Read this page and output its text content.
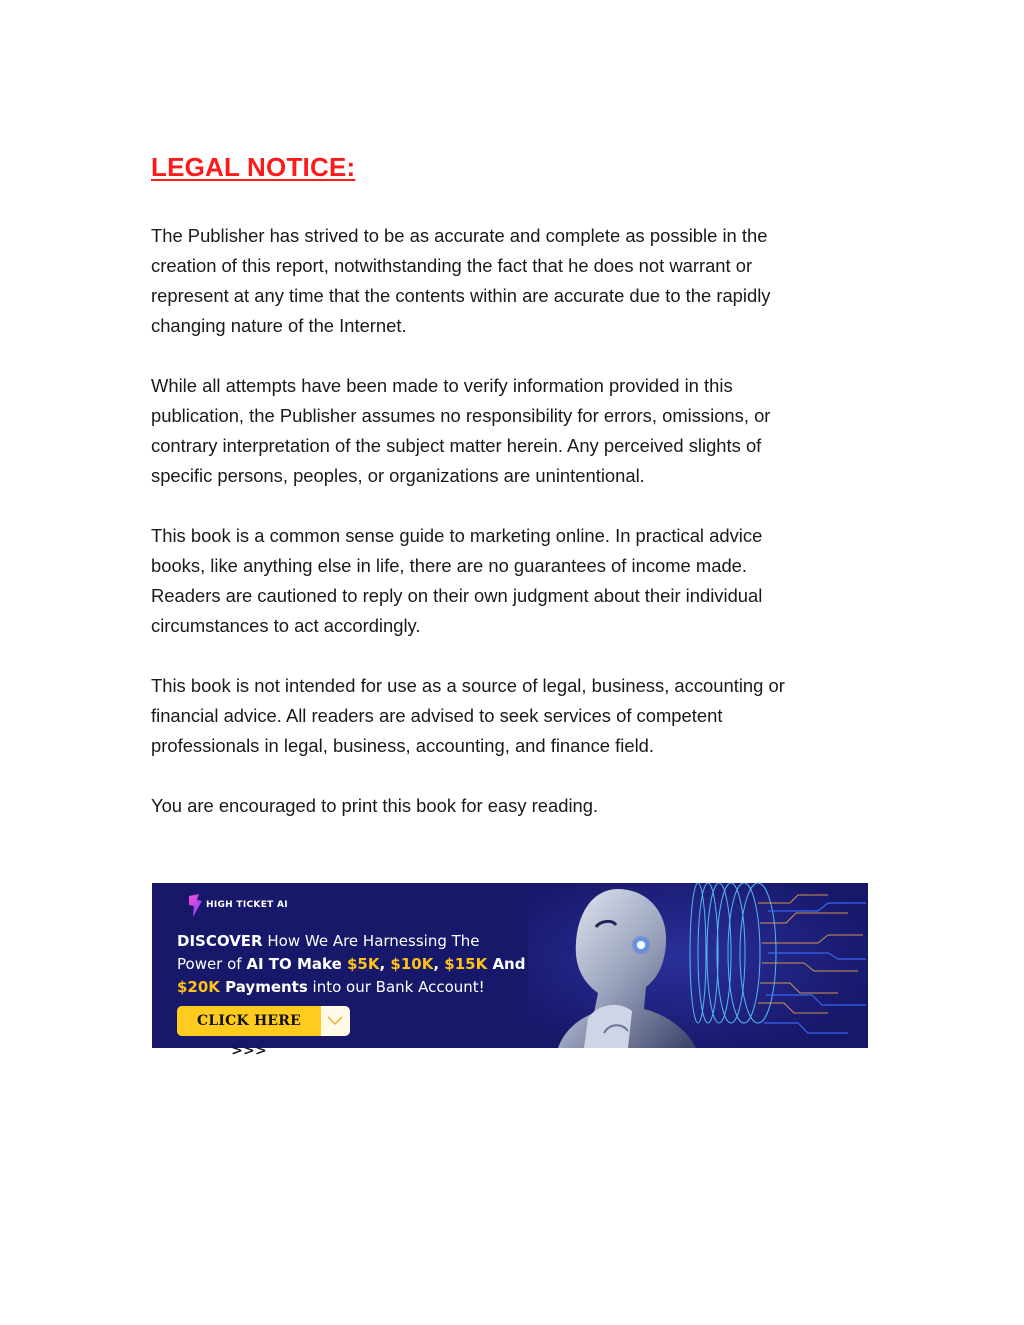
LEGAL NOTICE:

The Publisher has strived to be as accurate and complete as possible in the
creation of this report, notwithstanding the fact that he does not warrant or
represent at any time that the contents within are accurate due to the rapidly
changing nature of the Internet.

While all attempts have been made to verify information provided in this
publication, the Publisher assumes no responsibility for errors, omissions, or
contrary interpretation of the subject matter herein. Any perceived slights of
specific persons, peoples, or organizations are unintentional.

This book is a common sense guide to marketing online. In practical advice
books, like anything else in life, there are no guarantees of income made.
Readers are cautioned to reply on their own judgment about their individual
circumstances to act accordingly.

This book is not intended for use as a source of legal, business, accounting or
financial advice. All readers are advised to seek services of competent
professionals in legal, business, accounting, and finance field.

You are encouraged to print this book for easy reading.

HIGH TICKET AI
DISCOVER How We Are Harnessing The
Power of AI TO Make $5K, $10K, $15K And
$20K Payments into our Bank Account!
CLICK HERE >>>
